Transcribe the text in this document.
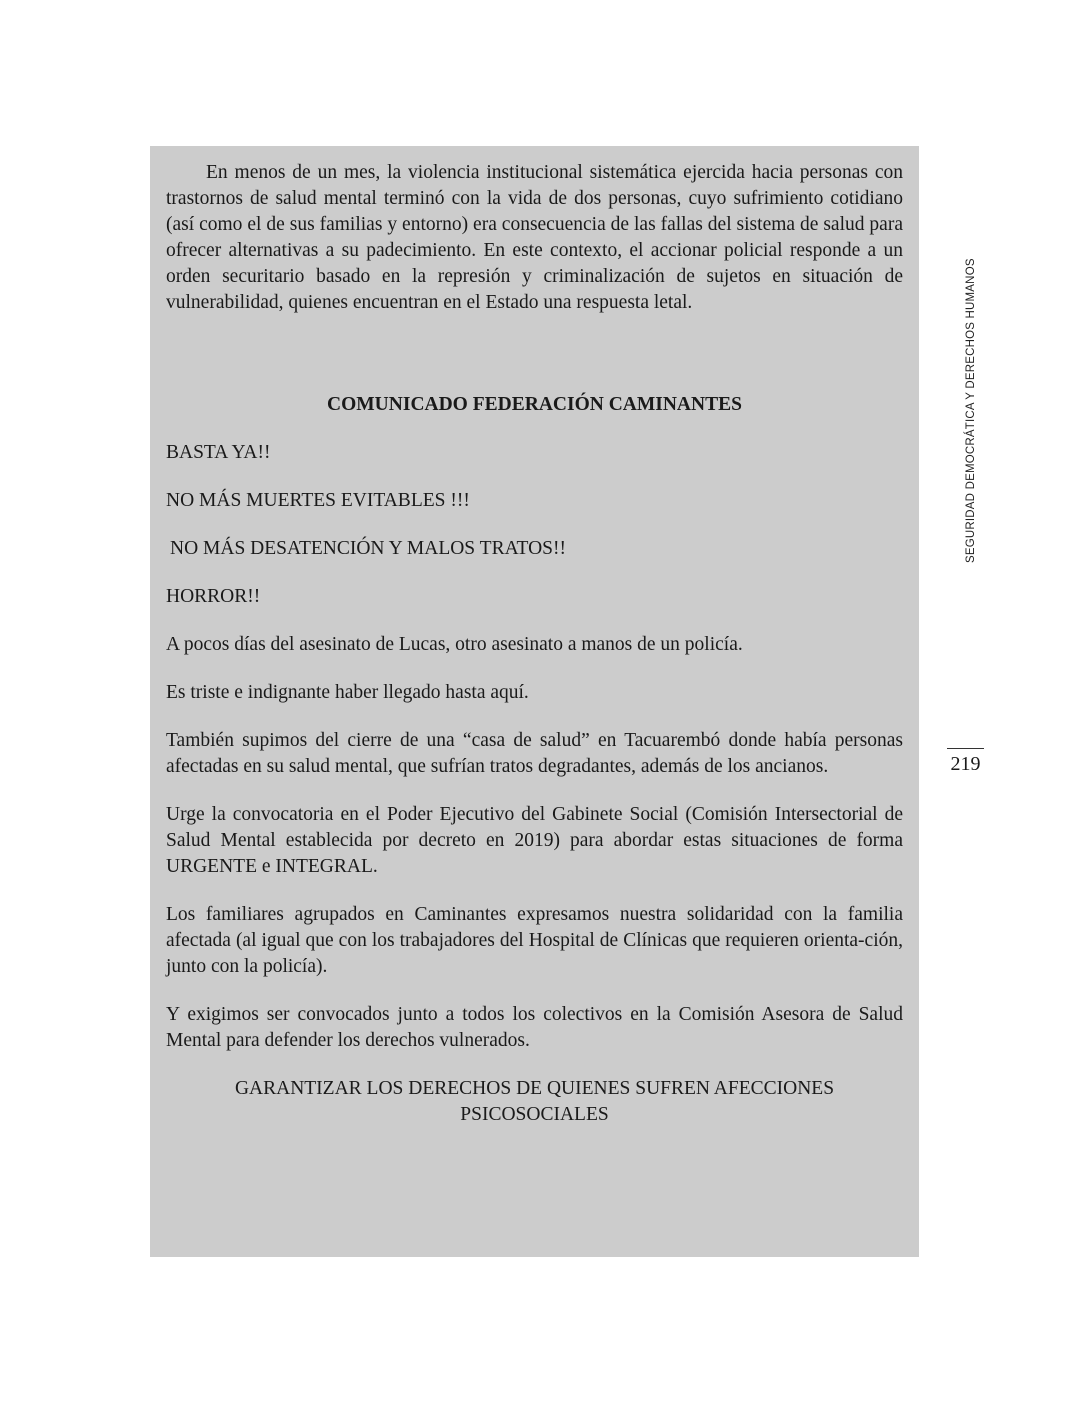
En menos de un mes, la violencia institucional sistemática ejercida hacia personas con trastornos de salud mental terminó con la vida de dos personas, cuyo sufrimiento cotidiano (así como el de sus familias y entorno) era consecuencia de las fallas del sistema de salud para ofrecer alternativas a su padecimiento. En este contexto, el accionar policial responde a un orden securitario basado en la represión y criminalización de sujetos en situación de vulnerabilidad, quienes encuentran en el Estado una respuesta letal.

COMUNICADO FEDERACIÓN CAMINANTES

BASTA YA!!

NO MÁS MUERTES EVITABLES !!!

NO MÁS DESATENCIÓN Y MALOS TRATOS!!

HORROR!!

A pocos días del asesinato de Lucas, otro asesinato a manos de un policía.

Es triste e indignante haber llegado hasta aquí.

También supimos del cierre de una “casa de salud” en Tacuarembó donde había personas afectadas en su salud mental, que sufrían tratos degradantes, además de los ancianos.

Urge la convocatoria en el Poder Ejecutivo del Gabinete Social (Comisión Intersectorial de Salud Mental establecida por decreto en 2019) para abordar estas situaciones de forma URGENTE e INTEGRAL.

Los familiares agrupados en Caminantes expresamos nuestra solidaridad con la familia afectada (al igual que con los trabajadores del Hospital de Clínicas que requieren orienta-ción, junto con la policía).

Y exigimos ser convocados junto a todos los colectivos en la Comisión Asesora de Salud Mental para defender los derechos vulnerados.

GARANTIZAR LOS DERECHOS DE QUIENES SUFREN AFECCIONES PSICOSOCIALES

SEGURIDAD DEMOCRÁTICA Y DERECHOS HUMANOS
219
